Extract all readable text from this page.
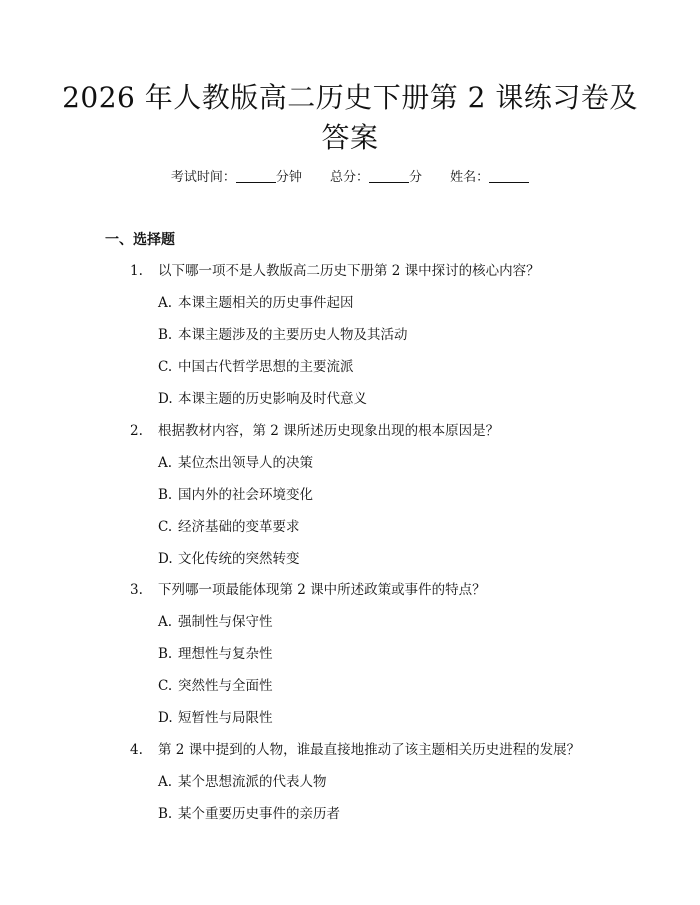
2026 年人教版高二历史下册第 2 课练习卷及
答案
考试时间：	分钟 总分：	分 姓名：
一、选择题
1.	以下哪一项不是人教版高二历史下册第 2 课中探讨的核心内容？
A. 本课主题相关的历史事件起因
B. 本课主题涉及的主要历史人物及其活动
C. 中国古代哲学思想的主要流派
D. 本课主题的历史影响及时代意义
2.	根据教材内容，第 2 课所述历史现象出现的根本原因是？
A. 某位杰出领导人的决策
B. 国内外的社会环境变化
C. 经济基础的变革要求
D. 文化传统的突然转变
3.	下列哪一项最能体现第 2 课中所述政策或事件的特点？
A. 强制性与保守性
B. 理想性与复杂性
C. 突然性与全面性
D. 短暂性与局限性
4.	第 2 课中提到的人物，谁最直接地推动了该主题相关历史进程的发展？
A. 某个思想流派的代表人物
B. 某个重要历史事件的亲历者
